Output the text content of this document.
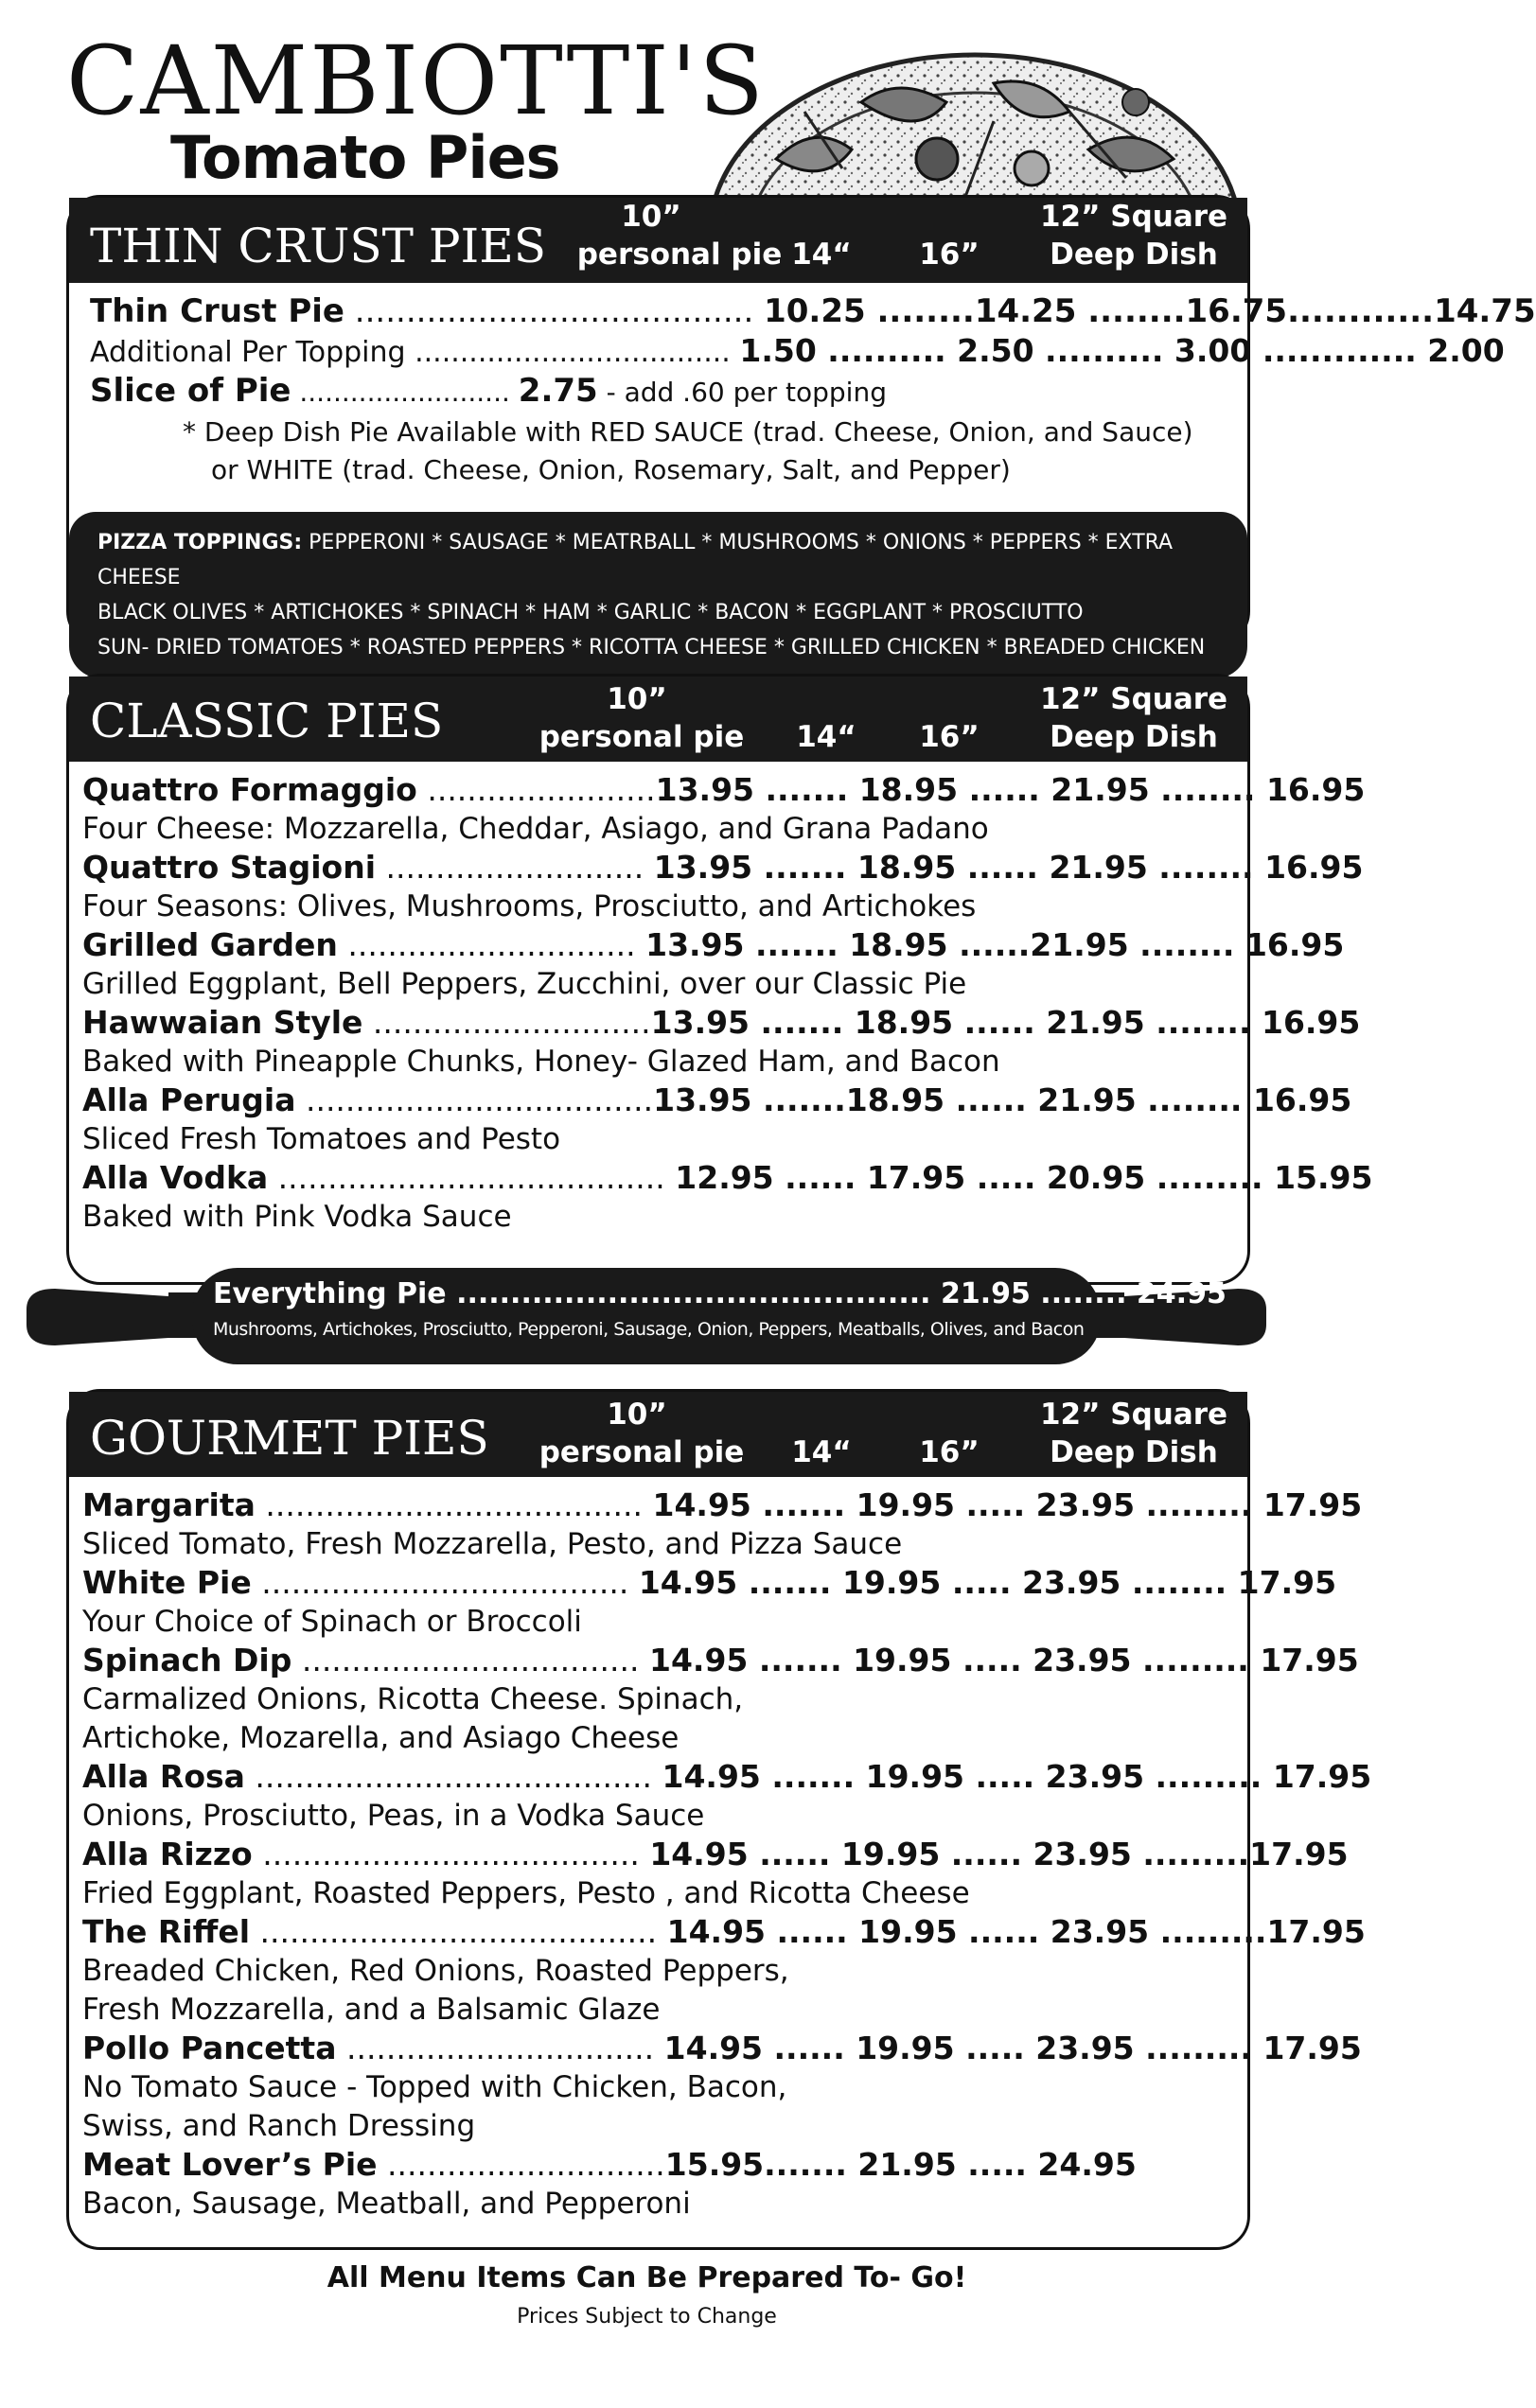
CAMBIOTTI'S
Tomato Pies
THIN CRUST PIES
10”
personal pie 14“ 16”
12” Square
Deep Dish
Thin Crust Pie ....................................... 10.25 ........14.25 ........16.75............14.75
Additional Per Topping ................................... 1.50 .......... 2.50 .......... 3.00 ............. 2.00
Slice of Pie ......................... 2.75 - add .60 per topping
* Deep Dish Pie Available with RED SAUCE (trad. Cheese, Onion, and Sauce)
or WHITE (trad. Cheese, Onion, Rosemary, Salt, and Pepper)
PIZZA TOPPINGS: PEPPERONI * SAUSAGE * MEATRBALL * MUSHROOMS * ONIONS * PEPPERS * EXTRA CHEESE
BLACK OLIVES * ARTICHOKES * SPINACH * HAM * GARLIC * BACON * EGGPLANT * PROSCIUTTO
SUN- DRIED TOMATOES * ROASTED PEPPERS * RICOTTA CHEESE * GRILLED CHICKEN * BREADED CHICKEN
CLASSIC PIES	10”
personal pie	14“ 16”
12” Square
Deep Dish
Quattro Formaggio .......................13.95 ....... 18.95 ...... 21.95 ........ 16.95
Four Cheese: Mozzarella, Cheddar, Asiago, and Grana Padano
Quattro Stagioni .......................... 13.95 ....... 18.95 ...... 21.95 ........ 16.95
Four Seasons: Olives, Mushrooms, Prosciutto, and Artichokes
Grilled Garden ............................. 13.95 ....... 18.95 ......21.95 ........ 16.95
Grilled Eggplant, Bell Peppers, Zucchini, over our Classic Pie
Hawwaian Style ............................13.95 ....... 18.95 ...... 21.95 ........ 16.95
Baked with Pineapple Chunks, Honey- Glazed Ham, and Bacon
Alla Perugia ...................................13.95 .......18.95 ...... 21.95 ........ 16.95
Sliced Fresh Tomatoes and Pesto
Alla Vodka ....................................... 12.95 ...... 17.95 ..... 20.95 ......... 15.95
Baked with Pink Vodka Sauce
Everything Pie ............................................ 21.95 ........ 24.95
Mushrooms, Artichokes, Prosciutto, Pepperoni, Sausage, Onion, Peppers, Meatballs, Olives, and Bacon
GOURMET PIES	10”
personal pie	14“ 16”
12” Square
Deep Dish
Margarita ...................................... 14.95 ....... 19.95 ..... 23.95 ......... 17.95
Sliced Tomato, Fresh Mozzarella, Pesto, and Pizza Sauce
White Pie ..................................... 14.95 ....... 19.95 ..... 23.95 ........ 17.95
Your Choice of Spinach or Broccoli
Spinach Dip .................................. 14.95 ....... 19.95 ..... 23.95 ......... 17.95
Carmalized Onions, Ricotta Cheese. Spinach,
Artichoke, Mozarella, and Asiago Cheese
Alla Rosa ........................................ 14.95 ....... 19.95 ..... 23.95 ......... 17.95
Onions, Prosciutto, Peas, in a Vodka Sauce
Alla Rizzo ...................................... 14.95 ...... 19.95 ...... 23.95 .........17.95
Fried Eggplant, Roasted Peppers, Pesto , and Ricotta Cheese
The Riffel ........................................ 14.95 ...... 19.95 ...... 23.95 .........17.95
Breaded Chicken, Red Onions, Roasted Peppers,
Fresh Mozzarella, and a Balsamic Glaze
Pollo Pancetta ............................... 14.95 ...... 19.95 ..... 23.95 ......... 17.95
No Tomato Sauce - Topped with Chicken, Bacon,
Swiss, and Ranch Dressing
Meat Lover’s Pie ............................15.95....... 21.95 ..... 24.95
Bacon, Sausage, Meatball, and Pepperoni
All Menu Items Can Be Prepared To- Go!
Prices Subject to Change
